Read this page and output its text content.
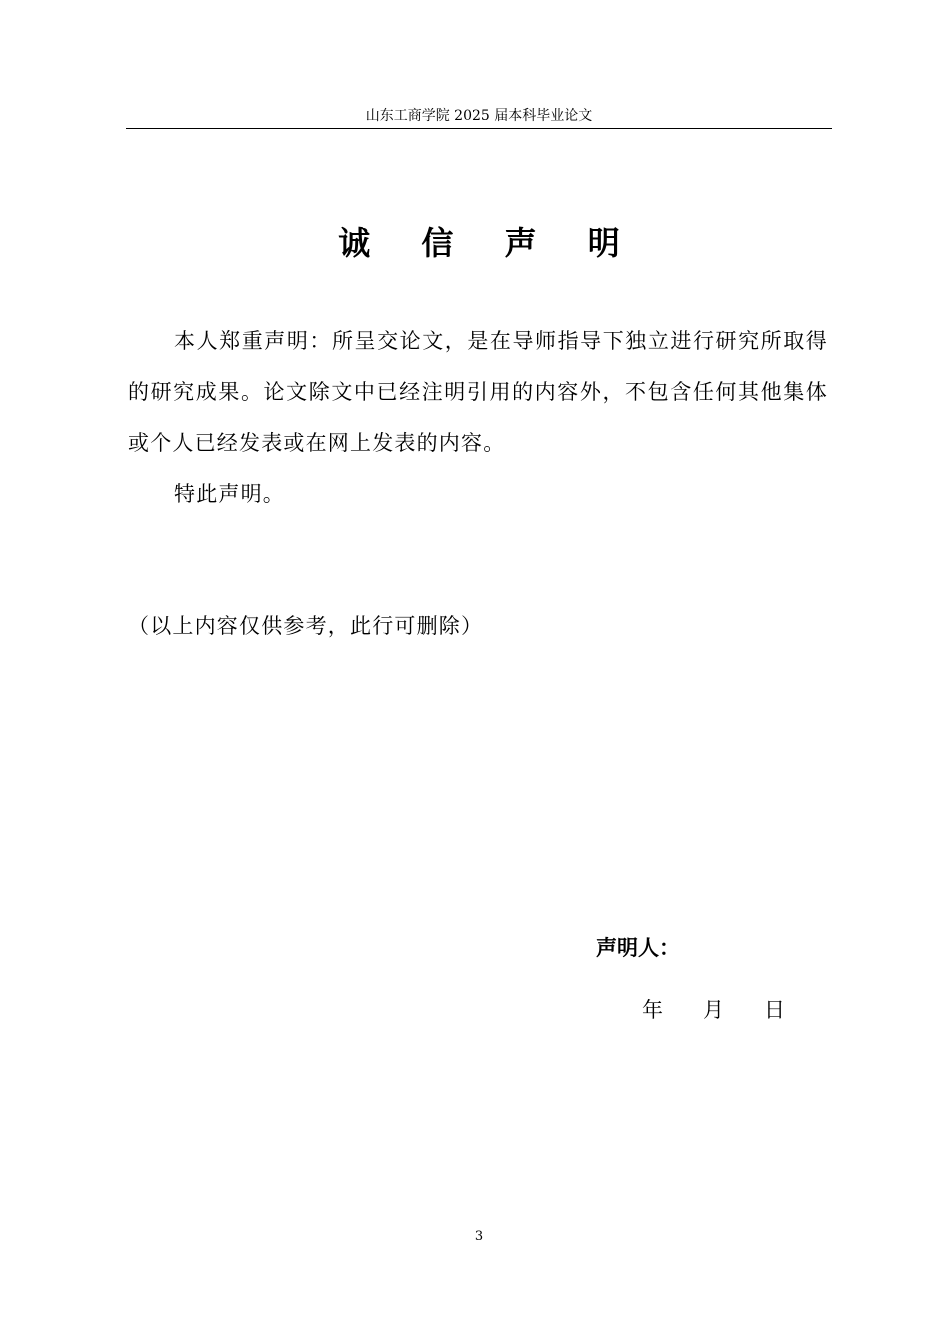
山东工商学院 2025 届本科毕业论文
诚 信 声 明

本人郑重声明：所呈交论文，是在导师指导下独立进行研究所取得的研究成果。论文除文中已经注明引用的内容外，不包含任何其他集体或个人已经发表或在网上发表的内容。

特此声明。

（以上内容仅供参考，此行可删除）
声明人：
年 月 日
3
